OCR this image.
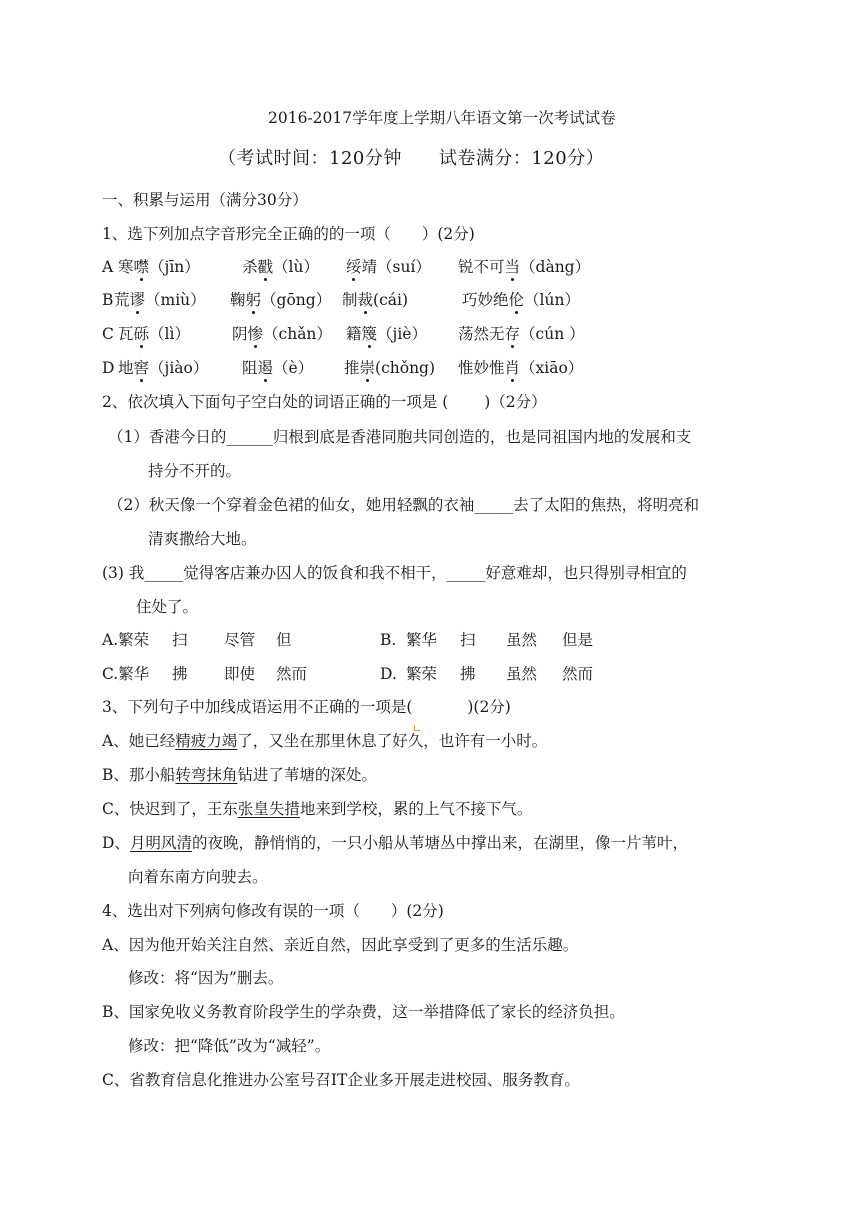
2016-2017学年度上学期八年语文第一次考试试卷
（考试时间：120分钟　　试卷满分：120分）
一、积累与运用（满分30分）
1、选下列加点字音形完全正确的的一项（　　）(2分)
A 寒噤（jīn）	杀戳（lù） 绥靖（suí） 锐不可当（dàng）
B 荒谬（miù） 鞠躬（gōng） 制裁(cái)	巧妙绝伦（lún）
C 瓦砾（lì）	阴惨（chǎn） 籍篾（jiè） 荡然无存（cún ）
D 地窖（jiào） 阻遏（è） 推崇(chǒng) 惟妙惟肖（xiāo）
2、依次填入下面句子空白处的词语正确的一项是 (　　 )（2分）
（1）香港今日的______归根到底是香港同胞共同创造的，也是同祖国内地的发展和支
持分不开的。
（2）秋天像一个穿着金色裙的仙女，她用轻飘的衣袖_____去了太阳的焦热，将明亮和
清爽撒给大地。
(3) 我_____觉得客店兼办囚人的饭食和我不相干，_____好意难却，也只得别寻相宜的
住处了。
A.繁荣 扫 尽管 但	B. 繁华 扫 虽然 但是
C.繁华 拂 即使 然而	D. 繁荣 拂 虽然 然而
3、下列句子中加线成语运用不正确的一项是(	)(2分)
A、她已经精疲力竭了，又坐在那里休息了好久，也许有一小时。
B、那小船转弯抹角钻进了苇塘的深处。
C、快迟到了，王东张皇失措地来到学校，累的上气不接下气。
D、月明风清的夜晚，静悄悄的，一只小船从苇塘丛中撑出来，在湖里，像一片苇叶，
向着东南方向驶去。
4、选出对下列病句修改有误的一项（　　）(2分)
A、因为他开始关注自然、亲近自然，因此享受到了更多的生活乐趣。
修改：将“因为”删去。
B、国家免收义务教育阶段学生的学杂费，这一举措降低了家长的经济负担。
修改：把“降低”改为“减轻”。
C、省教育信息化推进办公室号召IT企业多开展走进校园、服务教育。
